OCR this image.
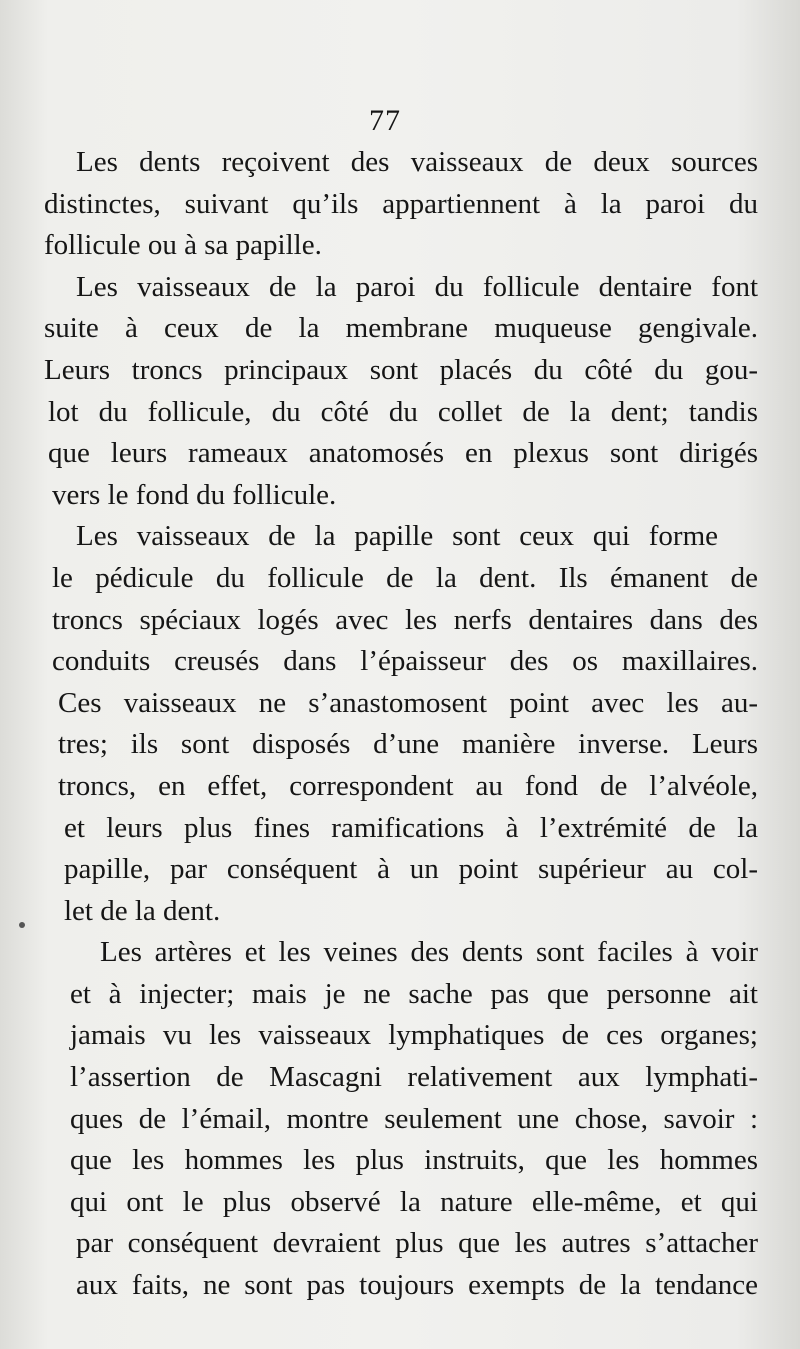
77
Les dents reçoivent des vaisseaux de deux sources
distinctes, suivant qu’ils appartiennent à la paroi du
follicule ou à sa papille.
Les vaisseaux de la paroi du follicule dentaire font
suite à ceux de la membrane muqueuse gengivale.
Leurs troncs principaux sont placés du côté du gou-
lot du follicule, du côté du collet de la dent; tandis
que leurs rameaux anatomosés en plexus sont dirigés
vers le fond du follicule.
Les vaisseaux de la papille sont ceux qui forme
le pédicule du follicule de la dent. Ils émanent de
troncs spéciaux logés avec les nerfs dentaires dans des
conduits creusés dans l’épaisseur des os maxillaires.
Ces vaisseaux ne s’anastomosent point avec les au-
tres; ils sont disposés d’une manière inverse. Leurs
troncs, en effet, correspondent au fond de l’alvéole,
et leurs plus fines ramifications à l’extrémité de la
papille, par conséquent à un point supérieur au col-
let de la dent.
Les artères et les veines des dents sont faciles à voir
et à injecter; mais je ne sache pas que personne ait
jamais vu les vaisseaux lymphatiques de ces organes;
l’assertion de Mascagni relativement aux lymphati-
ques de l’émail, montre seulement une chose, savoir :
que les hommes les plus instruits, que les hommes
qui ont le plus observé la nature elle-même, et qui
par conséquent devraient plus que les autres s’attacher
aux faits, ne sont pas toujours exempts de la tendance
